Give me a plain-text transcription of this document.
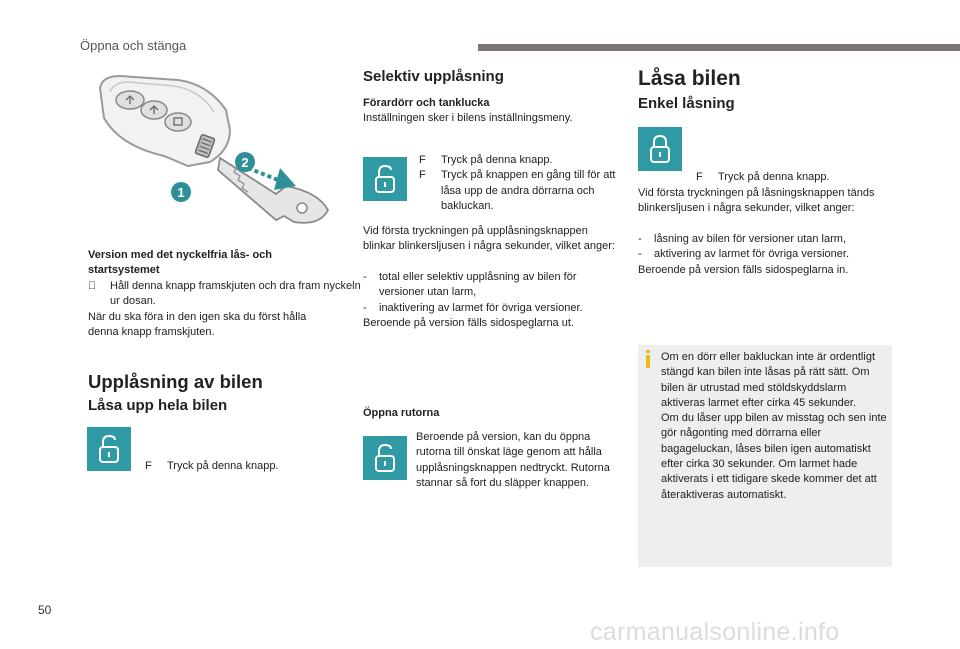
Öppna och stänga
2
1
Version med det nyckelfria lås- och startsystemet
Håll denna knapp framskjuten och dra fram nyckeln ur dosan.
När du ska föra in den igen ska du först hålla
denna knapp framskjuten.
Upplåsning av bilen
Låsa upp hela bilen
F Tryck på denna knapp.
Selektiv upplåsning
Förardörr och tanklucka
Inställningen sker i bilens inställningsmeny.
F Tryck på denna knapp.
F Tryck på knappen en gång till för att låsa upp de andra dörrarna och bakluckan.
Vid första tryckningen på upplåsningsknappen blinkar blinkersljusen i några sekunder, vilket anger:
- total eller selektiv upplåsning av bilen för versioner utan larm,
- inaktivering av larmet för övriga versioner.
Beroende på version fälls sidospeglarna ut.
Öppna rutorna
Beroende på version, kan du öppna rutorna till önskat läge genom att hålla upplåsningsknappen nedtryckt. Rutorna stannar så fort du släpper knappen.
Låsa bilen
Enkel låsning
F Tryck på denna knapp.
Vid första tryckningen på låsningsknappen tänds blinkersljusen i några sekunder, vilket anger:
- låsning av bilen för versioner utan larm,
- aktivering av larmet för övriga versioner.
Beroende på version fälls sidospeglarna in.
Om en dörr eller bakluckan inte är ordentligt stängd kan bilen inte låsas på rätt sätt. Om bilen är utrustad med stöldskyddslarm aktiveras larmet efter cirka 45 sekunder.
Om du låser upp bilen av misstag och sen inte gör någonting med dörrarna eller bagageluckan, låses bilen igen automatiskt efter cirka 30 sekunder. Om larmet hade aktiverats i ett tidigare skede kommer det att återaktiveras automatiskt.
50
carmanualsonline.info
